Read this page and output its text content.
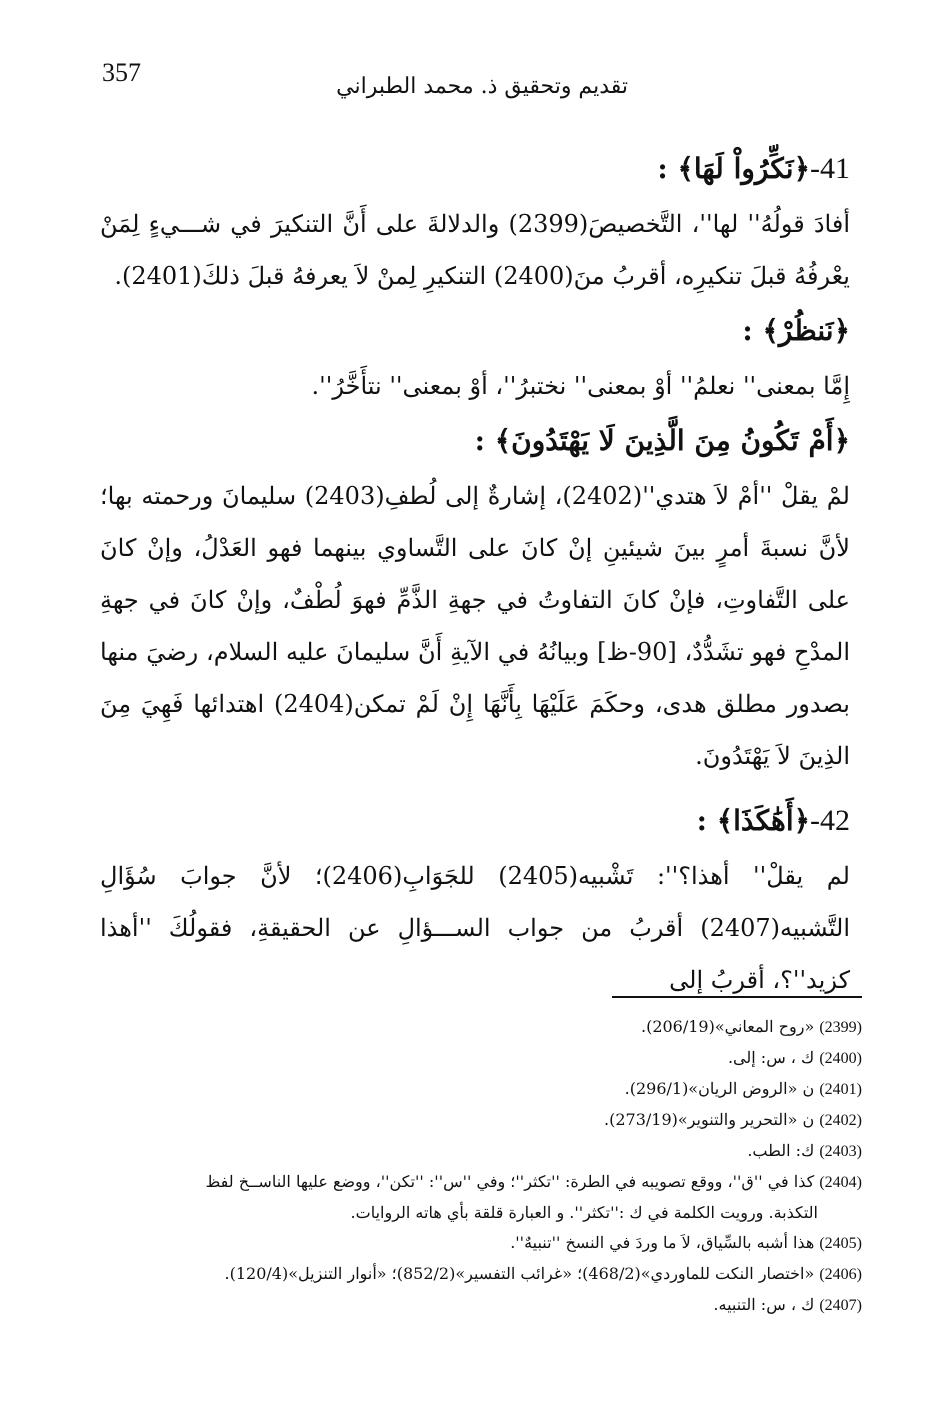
357	تقديم وتحقيق ذ. محمد الطبراني
41-﴿نَكِّرُواْ لَهَا﴾ :

أفادَ قولُهُ'' لها''، التَّخصيصَ(2399) والدلالةَ على أَنَّ التنكيرَ في شـــيءٍ لِمَنْ يعْرفُهُ قبلَ تنكيرِه، أقربُ منَ(2400) التنكيرِ لِمنْ لاَ يعرفهُ قبلَ ذلكَ(2401).

﴿نَنظُرْ﴾ :

إِمَّا بمعنى'' نعلمُ'' أوْ بمعنى'' نختبرُ''، أوْ بمعنى'' نتأَخَّرُ''.

﴿أَمْ تَكُونُ مِنَ الَّذِينَ لَا يَهْتَدُونَ﴾ :

لمْ يقلْ ''أمْ لاَ هتدي''(2402)، إشارةٌ إلى لُطفِ(2403) سليمانَ ورحمته بها؛ لأنَّ نسبةَ أمرٍ بينَ شيئينِ إنْ كانَ على التَّساوي بينهما فهو العَدْلُ، وإنْ كانَ على التَّفاوتِ، فإنْ كانَ التفاوتُ في جهةِ الذَّمِّ فهوَ لُطْفٌ، وإنْ كانَ في جهةِ المدْحِ فهو تشَدُّدٌ، [90-ظ] وبيانُهُ في الآيةِ أَنَّ سليمانَ عليه السلام، رضيَ منها بصدور مطلق هدى، وحكَمَ عَلَيْهَا بِأَنَّهَا إِنْ لَمْ تمكن(2404) اهتدائها فَهِيَ مِنَ الذِينَ لاَ يَهْتَدُونَ.

42-﴿أَهَٰكَذَا﴾ :

لم يقلْ'' أهذا؟'': تَشْبيه(2405) للجَوَابِ(2406)؛ لأنَّ جوابَ سُؤَالِ التَّشبيه(2407) أقربُ من جواب الســـؤالِ عن الحقيقةِ، فقولُكَ ''أهذا كزيد''؟، أقربُ إلى

(2399) «روح المعاني»(206/19).

(2400) ك ، س: إلى.

(2401) ن «الروض الريان»(296/1).

(2402) ن «التحرير والتنوير»(273/19).

(2403) ك: الطب.

(2404) كذا في ''ق''، ووقع تصويبه في الطرة: ''تكثر''؛ وفي ''س'': ''تكن''، ووضع عليها الناســخ لفظ

التكذبة. ورويت الكلمة في ك :''تكثر''. و العبارة قلقة بأي هاته الروايات.

(2405) هذا أشبه بالسِّياق، لاَ ما وردَ في النسخ ''تنبيهٌ''.

(2406) «اختصار النكت للماوردي»(468/2)؛ «غرائب التفسير»(852/2)؛ «أنوار التنزيل»(120/4).

(2407) ك ، س: التنبيه.
